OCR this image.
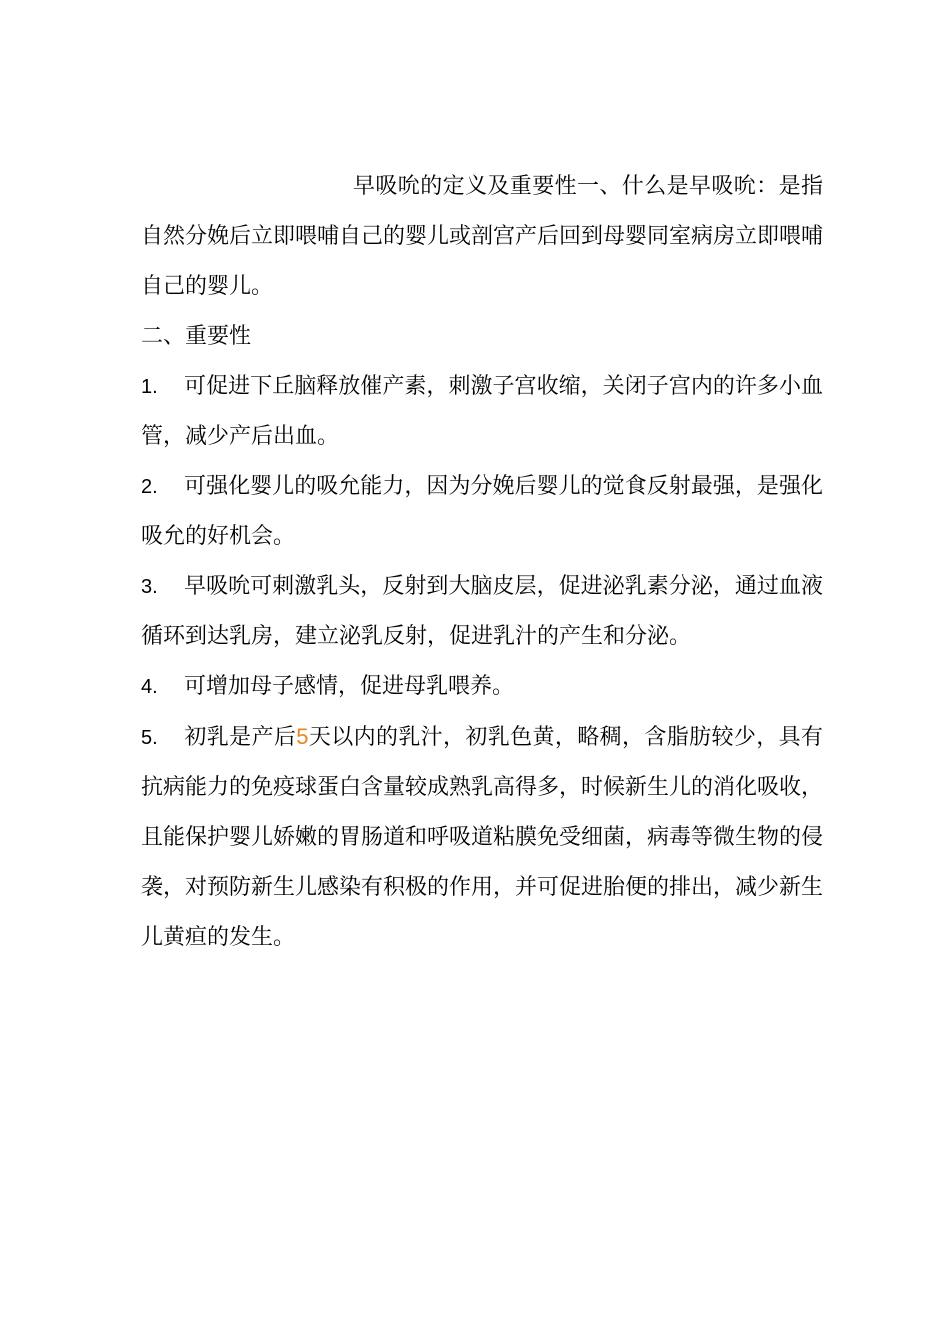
早吸吮的定义及重要性一、什么是早吸吮：是指自然分娩后立即喂哺自己的婴儿或剖宫产后回到母婴同室病房立即喂哺自己的婴儿。

二、重要性

1. 可促进下丘脑释放催产素，刺激子宫收缩，关闭子宫内的许多小血管，减少产后出血。

2. 可强化婴儿的吸允能力，因为分娩后婴儿的觉食反射最强，是强化吸允的好机会。

3. 早吸吮可刺激乳头，反射到大脑皮层，促进泌乳素分泌，通过血液循环到达乳房，建立泌乳反射，促进乳汁的产生和分泌。

4. 可增加母子感情，促进母乳喂养。

5. 初乳是产后5天以内的乳汁，初乳色黄，略稠，含脂肪较少，具有抗病能力的免疫球蛋白含量较成熟乳高得多，时候新生儿的消化吸收，且能保护婴儿娇嫩的胃肠道和呼吸道粘膜免受细菌，病毒等微生物的侵袭，对预防新生儿感染有积极的作用，并可促进胎便的排出，减少新生儿黄疸的发生。
